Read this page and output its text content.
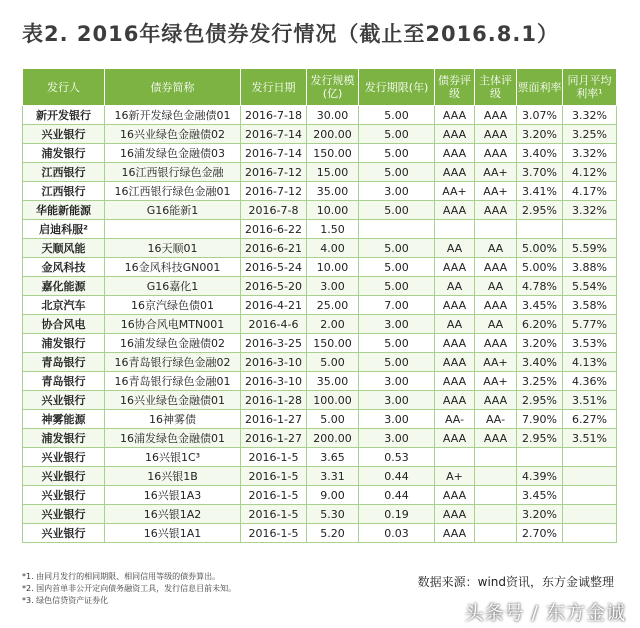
表2. 2016年绿色债券发行情况（截止至2016.8.1）
发行人	债券简称	发行日期	发行规模(亿)	发行期限(年)	债券评级	主体评级	票面利率	同月平均利率¹
新开发银行	16新开发绿色金融债01	2016-7-18	30.00	5.00	AAA	AAA	3.07%	3.32%
兴业银行	16兴业绿色金融债02	2016-7-14	200.00	5.00	AAA	AAA	3.20%	3.25%
浦发银行	16浦发绿色金融债03	2016-7-14	150.00	5.00	AAA	AAA	3.40%	3.32%
江西银行	16江西银行绿色金融	2016-7-12	15.00	5.00	AAA	AA+	3.70%	4.12%
江西银行	16江西银行绿色金融01	2016-7-12	35.00	3.00	AA+	AA+	3.41%	4.17%
华能新能源	G16能新1	2016-7-8	10.00	5.00	AAA	AAA	2.95%	3.32%
启迪科服²		2016-6-22	1.50					
天顺风能	16天顺01	2016-6-21	4.00	5.00	AA	AA	5.00%	5.59%
金风科技	16金风科技GN001	2016-5-24	10.00	5.00	AAA	AAA	5.00%	3.88%
嘉化能源	G16嘉化1	2016-5-20	3.00	5.00	AA	AA	4.78%	5.54%
北京汽车	16京汽绿色债01	2016-4-21	25.00	7.00	AAA	AAA	3.45%	3.58%
协合风电	16协合风电MTN001	2016-4-6	2.00	3.00	AA	AA	6.20%	5.77%
浦发银行	16浦发绿色金融债02	2016-3-25	150.00	5.00	AAA	AAA	3.20%	3.53%
青岛银行	16青岛银行绿色金融02	2016-3-10	5.00	5.00	AAA	AA+	3.40%	4.13%
青岛银行	16青岛银行绿色金融01	2016-3-10	35.00	3.00	AAA	AA+	3.25%	4.36%
兴业银行	16兴业绿色金融债01	2016-1-28	100.00	3.00	AAA	AAA	2.95%	3.51%
神雾能源	16神雾债	2016-1-27	5.00	3.00	AA-	AA-	7.90%	6.27%
浦发银行	16浦发绿色金融债01	2016-1-27	200.00	3.00	AAA	AAA	2.95%	3.51%
兴业银行	16兴银1C³	2016-1-5	3.65	0.53				
兴业银行	16兴银1B	2016-1-5	3.31	0.44	A+		4.39%	
兴业银行	16兴银1A3	2016-1-5	9.00	0.44	AAA		3.45%	
兴业银行	16兴银1A2	2016-1-5	5.30	0.19	AAA		3.20%	
兴业银行	16兴银1A1	2016-1-5	5.20	0.03	AAA		2.70%	
*1. 由同月发行的相同期限、相同信用等级的债券算出。
*2. 国内首单非公开定向债务融资工具，发行信息目前未知。
*3. 绿色信贷资产证券化
数据来源：wind资讯，东方金诚整理
头条号 / 东方金诚
